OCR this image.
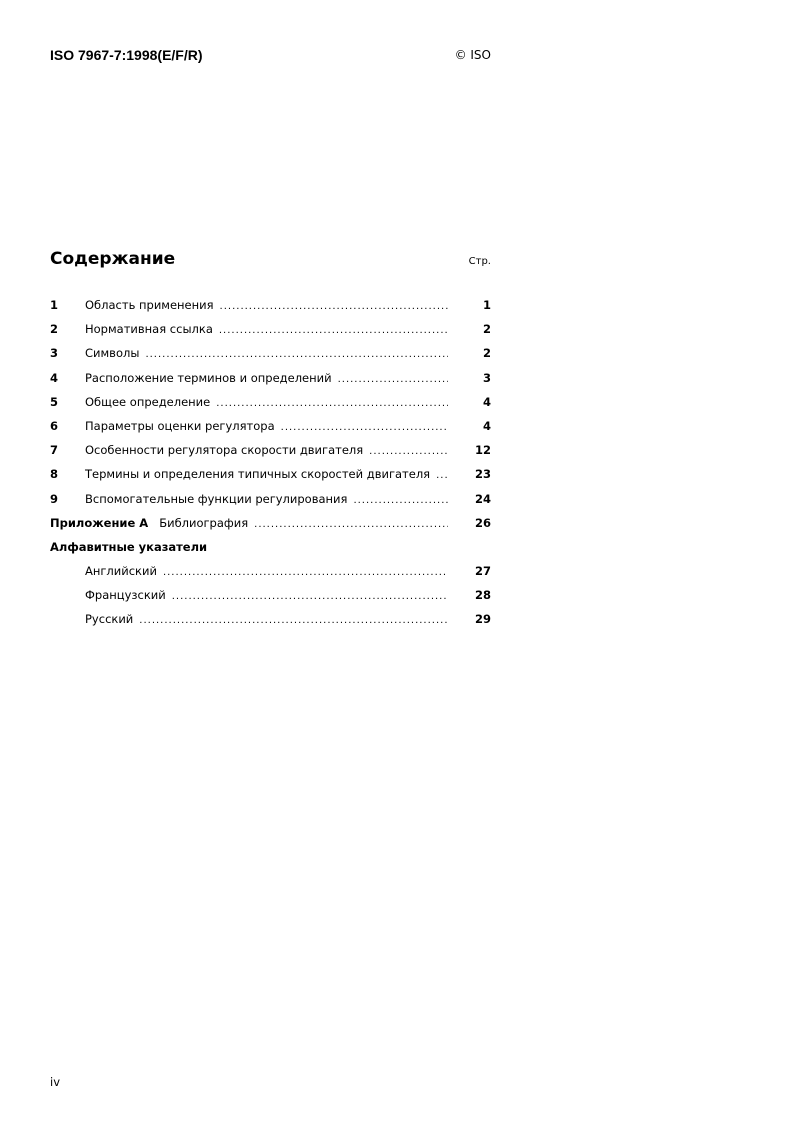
ISO 7967-7:1998(E/F/R)	© ISO
Содержание	Стр.
1	Область применения .....	1
2	Нормативная ссылка .....	2
3	Символы .....	2
4	Расположение терминов и определений .....	3
5	Общее определение .....	4
6	Параметры оценки регулятора .....	4
7	Особенности регулятора скорости двигателя .....	12
8	Термины и определения типичных скоростей двигателя .....	23
9	Вспомогательные функции регулирования .....	24
Приложение А Библиография .....	26
Алфавитные указатели
Английский .....	27
Французский .....	28
Русский .....	29
iv
